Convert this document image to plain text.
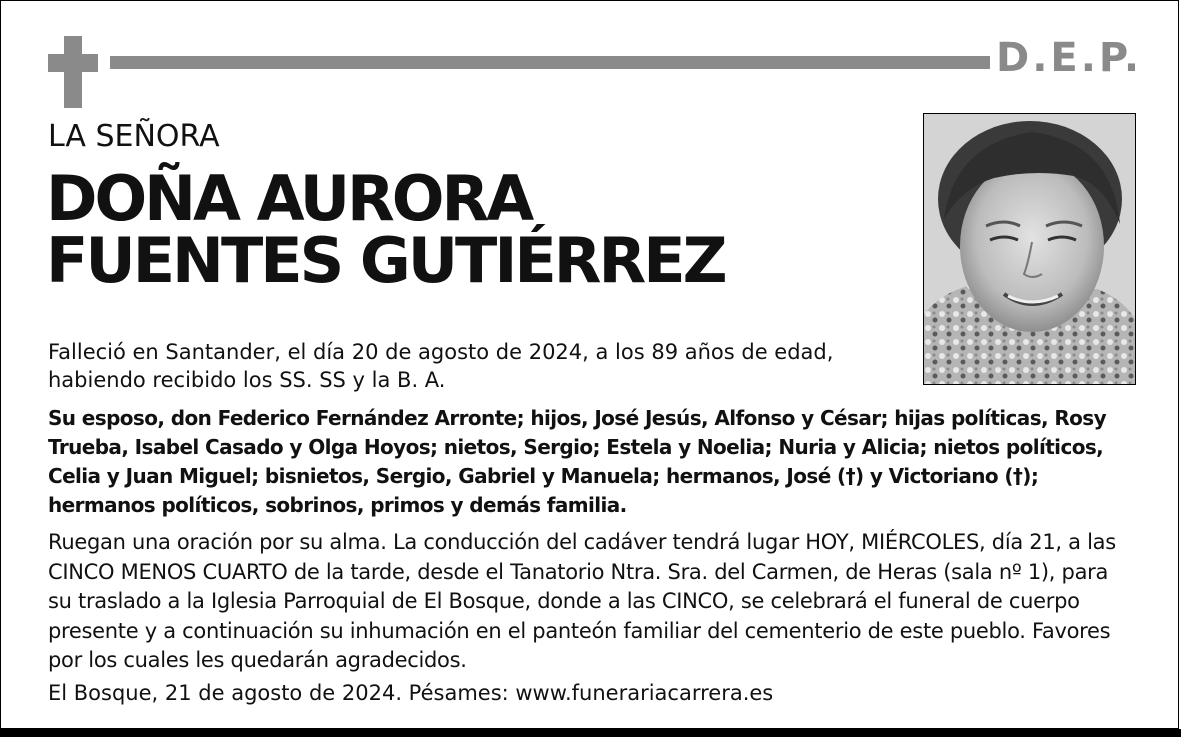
D.E.P.
LA SEÑORA
DOÑA AURORA
FUENTES GUTIÉRREZ
Falleció en Santander, el día 20 de agosto de 2024, a los 89 años de edad,
habiendo recibido los SS. SS y la B. A.
Su esposo, don Federico Fernández Arronte; hijos, José Jesús, Alfonso y César; hijas políticas, Rosy Trueba, Isabel Casado y Olga Hoyos; nietos, Sergio; Estela y Noelia; Nuria y Alicia; nietos políticos, Celia y Juan Miguel; bisnietos, Sergio, Gabriel y Manuela; hermanos, José (†) y Victoriano (†); hermanos políticos, sobrinos, primos y demás familia.
Ruegan una oración por su alma. La conducción del cadáver tendrá lugar HOY, MIÉRCOLES, día 21, a las CINCO MENOS CUARTO de la tarde, desde el Tanatorio Ntra. Sra. del Carmen, de Heras (sala nº 1), para su traslado a la Iglesia Parroquial de El Bosque, donde a las CINCO, se celebrará el funeral de cuerpo presente y a continuación su inhumación en el panteón familiar del cementerio de este pueblo. Favores por los cuales les quedarán agradecidos.
El Bosque, 21 de agosto de 2024. Pésames: www.funerariacarrera.es
